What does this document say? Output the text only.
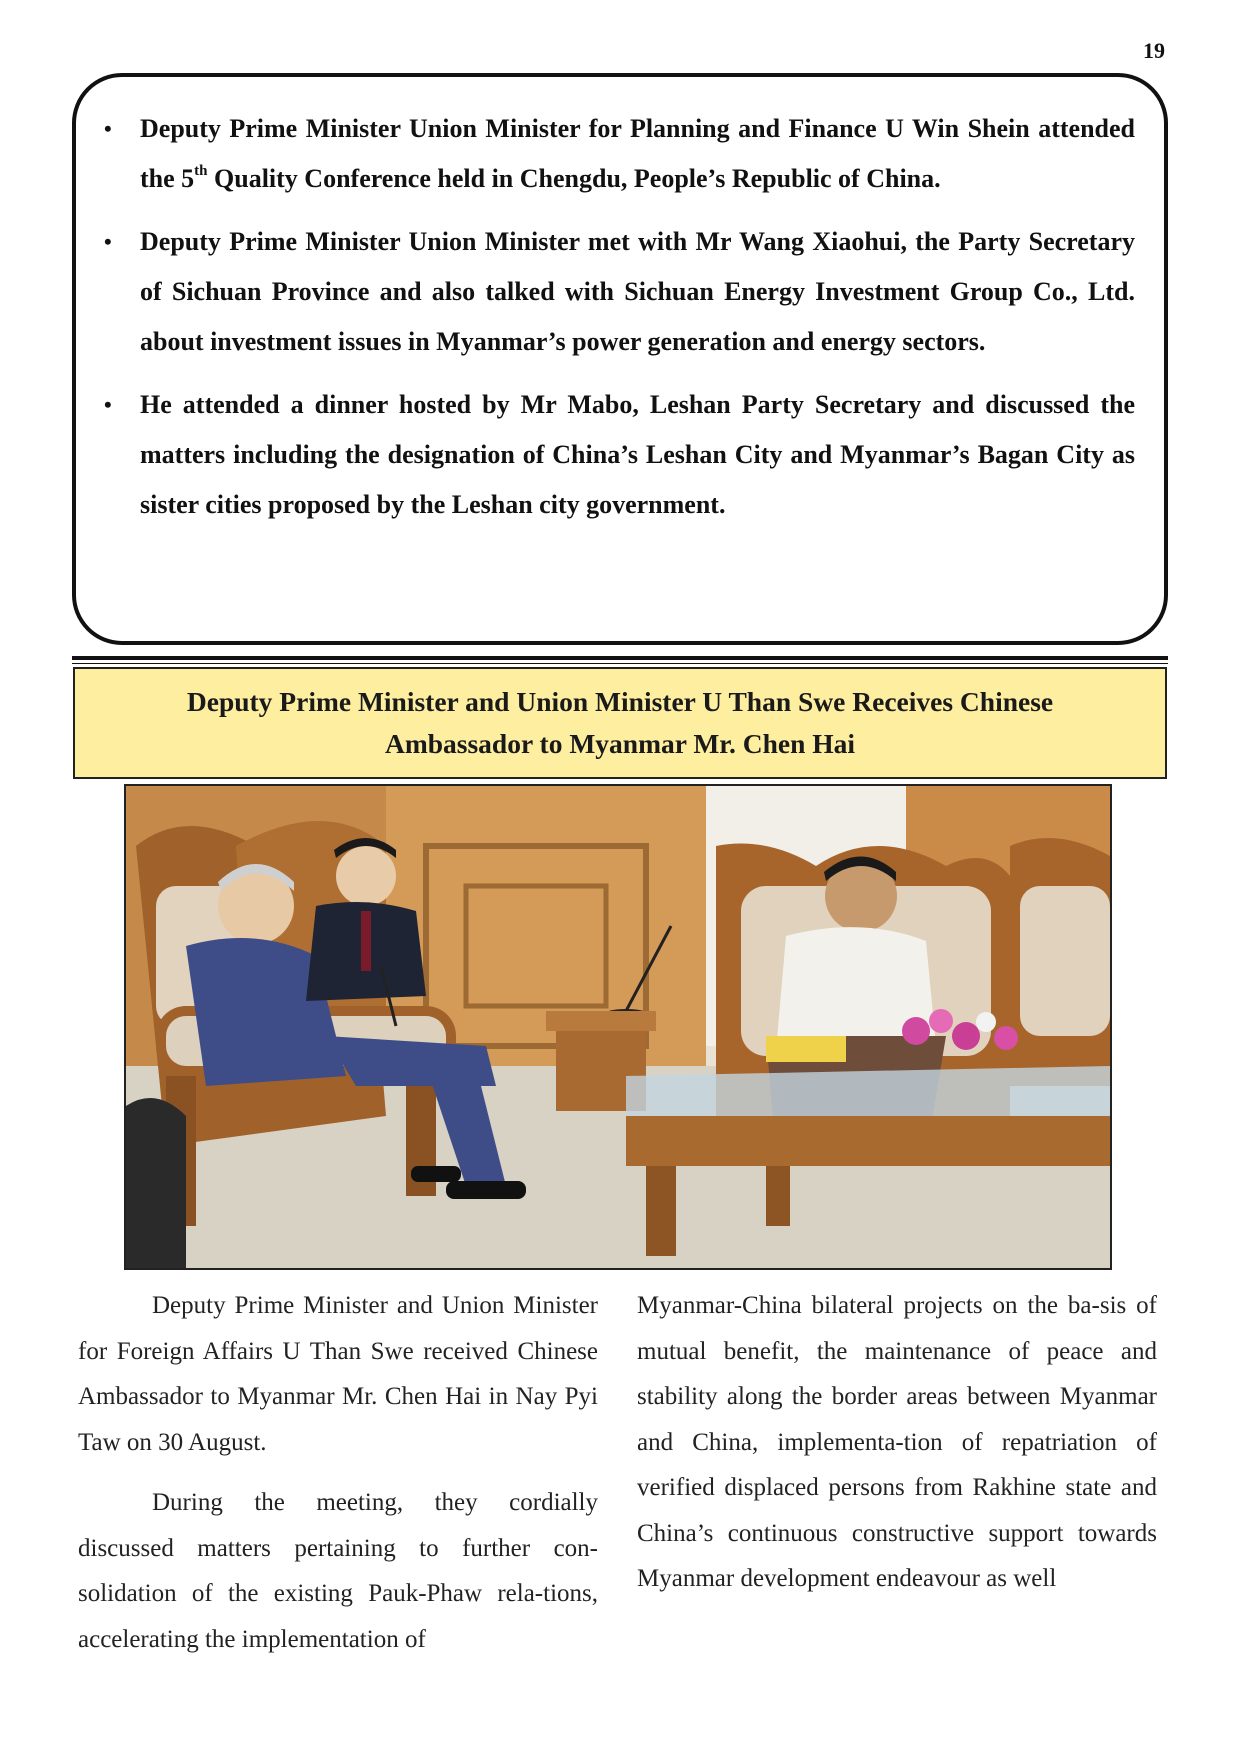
19
• Deputy Prime Minister Union Minister for Planning and Finance U Win Shein attended the 5th Quality Conference held in Chengdu, People’s Republic of China.
• Deputy Prime Minister Union Minister met with Mr Wang Xiaohui, the Party Secretary of Sichuan Province and also talked with Sichuan Energy Investment Group Co., Ltd. about investment issues in Myanmar’s power generation and energy sectors.
• He attended a dinner hosted by Mr Mabo, Leshan Party Secretary and discussed the matters including the designation of China’s Leshan City and Myanmar’s Bagan City as sister cities proposed by the Leshan city government.
Deputy Prime Minister and Union Minister U Than Swe Receives Chinese Ambassador to Myanmar Mr. Chen Hai

Deputy Prime Minister and Union Minister for Foreign Affairs U Than Swe received Chinese Ambassador to Myanmar Mr. Chen Hai in Nay Pyi Taw on 30 August.

During the meeting, they cordially discussed matters pertaining to further con-solidation of the existing Pauk-Phaw rela-tions, accelerating the implementation of

Myanmar-China bilateral projects on the ba-sis of mutual benefit, the maintenance of peace and stability along the border areas between Myanmar and China, implementa-tion of repatriation of verified displaced persons from Rakhine state and China’s continuous constructive support towards Myanmar development endeavour as well
